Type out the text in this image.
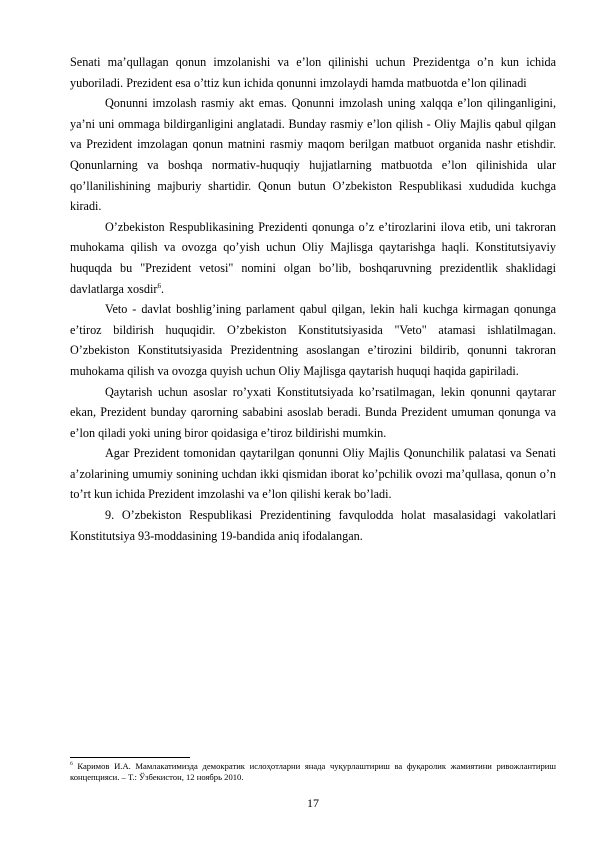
Senati ma’qullagan qonun imzolanishi va e’lon qilinishi uchun Prezidentga o’n kun ichida yuboriladi. Prezident esa o’ttiz kun ichida qonunni imzolaydi hamda matbuotda e’lon qilinadi

Qonunni imzolash rasmiy akt emas. Qonunni imzolash uning xalqqa e’lon qilinganligini, ya’ni uni ommaga bildirganligini anglatadi. Bunday rasmiy e’lon qilish - Oliy Majlis qabul qilgan va Prezident imzolagan qonun matnini rasmiy maqom berilgan matbuot organida nashr etishdir. Qonunlarning va boshqa normativ-huquqiy hujjatlarning matbuotda e’lon qilinishida ular qo’llanilishining majburiy shartidir. Qonun butun O’zbekiston Respublikasi xududida kuchga kiradi.

O’zbekiston Respublikasining Prezidenti qonunga o’z e’tirozlarini ilova etib, uni takroran muhokama qilish va ovozga qo’yish uchun Oliy Majlisga qaytarishga haqli. Konstitutsiyaviy huquqda bu "Prezident vetosi" nomini olgan bo’lib, boshqaruvning prezidentlik shaklidagi davlatlarga xosdir$^6$.

Veto - davlat boshlig’ining parlament qabul qilgan, lekin hali kuchga kirmagan qonunga e’tiroz bildirish huquqidir. O’zbekiston Konstitutsiyasida "Veto" atamasi ishlatilmagan. O’zbekiston Konstitutsiyasida Prezidentning asoslangan e’tirozini bildirib, qonunni takroran muhokama qilish va ovozga quyish uchun Oliy Majlisga qaytarish huquqi haqida gapiriladi.

Qaytarish uchun asoslar ro’yxati Konstitutsiyada ko’rsatilmagan, lekin qonunni qaytarar ekan, Prezident bunday qarorning sababini asoslab beradi. Bunda Prezident umuman qonunga va e’lon qiladi yoki uning biror qoidasiga e’tiroz bildirishi mumkin.

Agar Prezident tomonidan qaytarilgan qonunni Oliy Majlis Qonunchilik palatasi va Senati a’zolarining umumiy sonining uchdan ikki qismidan iborat ko’pchilik ovozi ma’qullasa, qonun o’n to’rt kun ichida Prezident imzolashi va e’lon qilishi kerak bo’ladi.

9. O’zbekiston Respublikasi Prezidentining favqulodda holat masalasidagi vakolatlari Konstitutsiya 93-moddasining 19-bandida aniq ifodalangan.

$^6$ Каримов И.А. Мамлакатимизда демократик ислоҳотларни янада чуқурлаштириш ва фуқаролик жамиятини ривожлантириш концепцияси. – Т.: Ўзбекистон, 12 ноябрь 2010.
17
